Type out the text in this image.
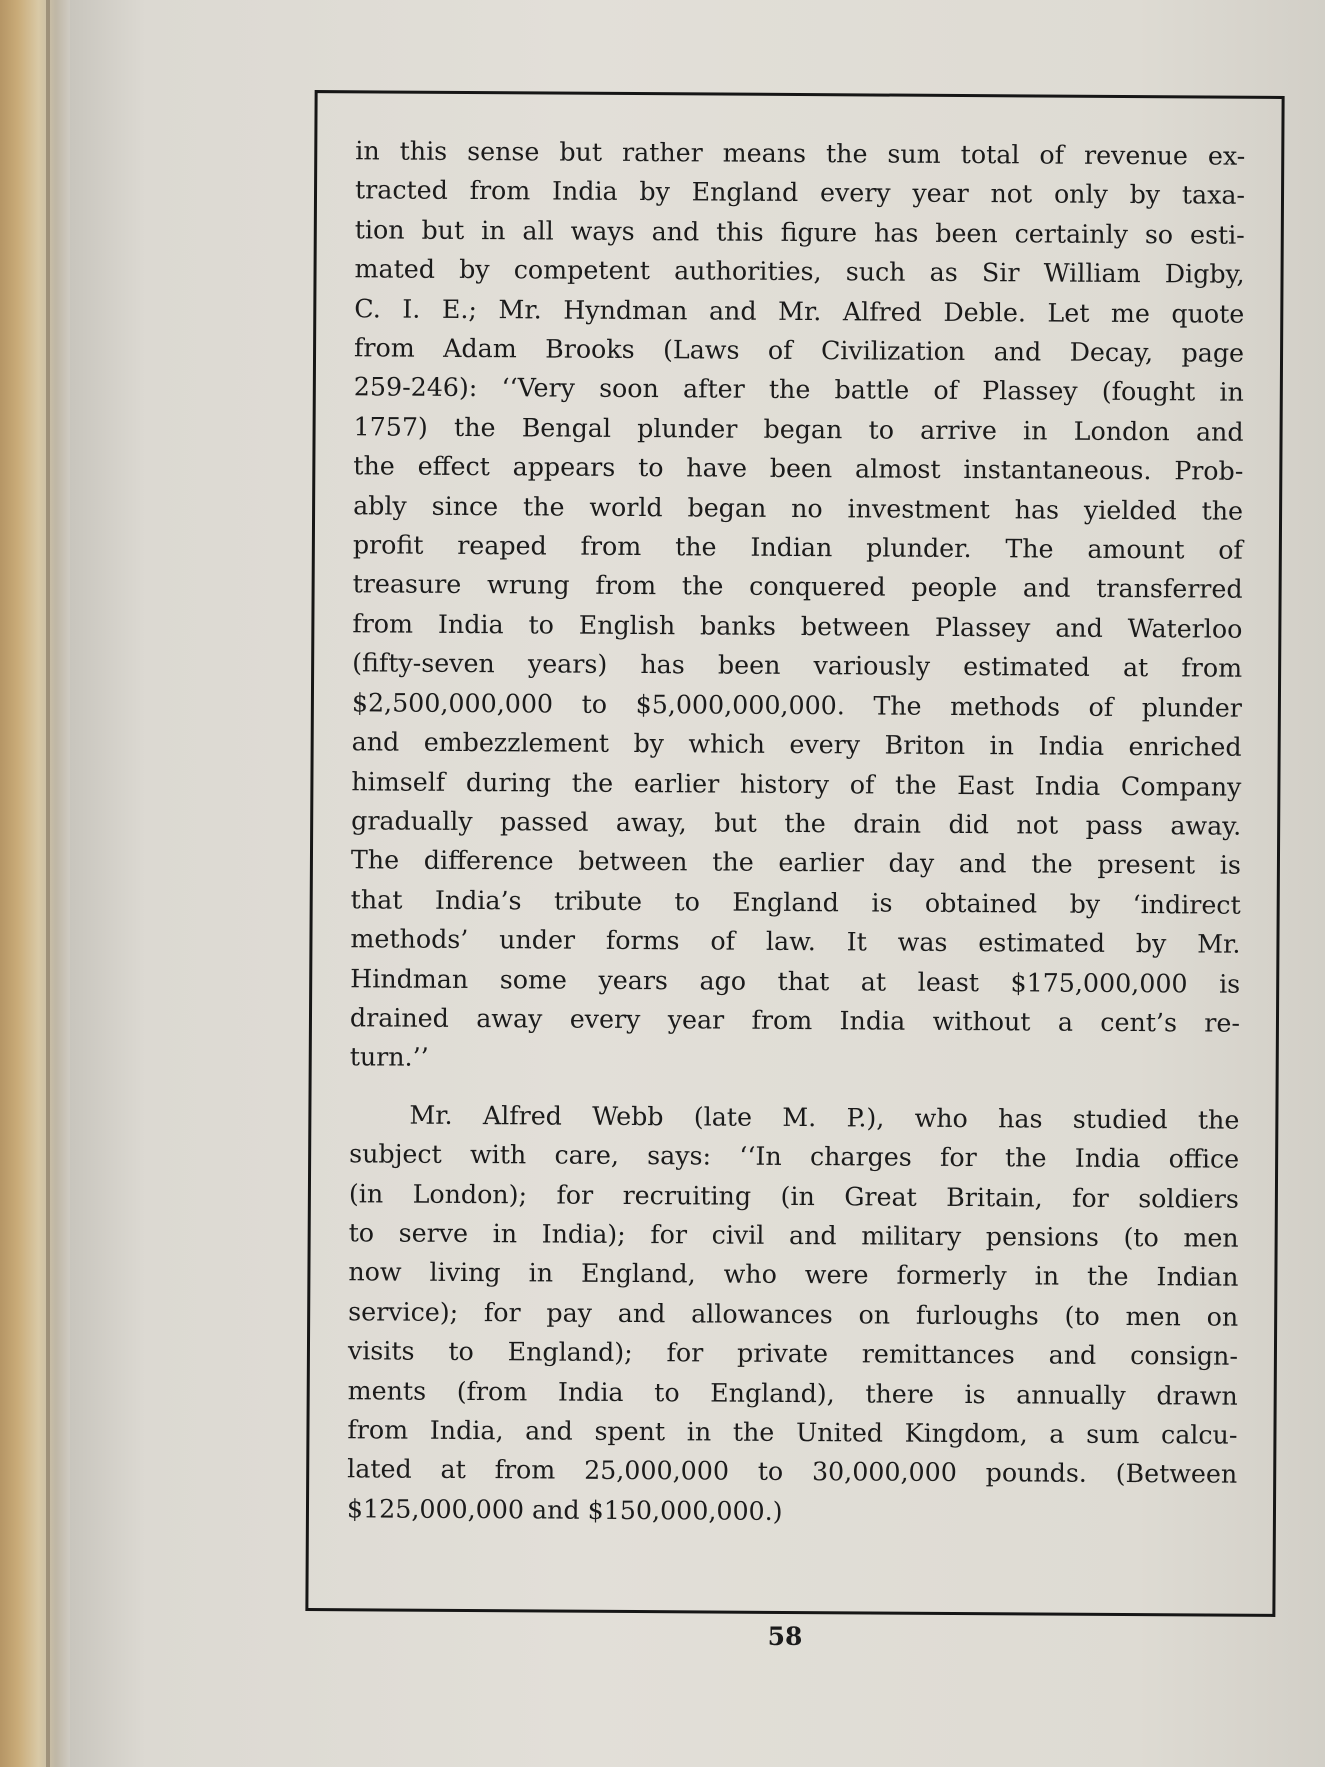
in this sense but rather means the sum total of revenue ex-
tracted from India by England every year not only by taxa-
tion but in all ways and this figure has been certainly so esti-
mated by competent authorities, such as Sir William Digby,
C. I. E.; Mr. Hyndman and Mr. Alfred Deble. Let me quote
from Adam Brooks (Laws of Civilization and Decay, page
259-246): ‘‘Very soon after the battle of Plassey (fought in
1757) the Bengal plunder began to arrive in London and
the effect appears to have been almost instantaneous. Prob-
ably since the world began no investment has yielded the
profit reaped from the Indian plunder. The amount of
treasure wrung from the conquered people and transferred
from India to English banks between Plassey and Waterloo
(fifty-seven years) has been variously estimated at from
$2,500,000,000 to $5,000,000,000. The methods of plunder
and embezzlement by which every Briton in India enriched
himself during the earlier history of the East India Company
gradually passed away, but the drain did not pass away.
The difference between the earlier day and the present is
that India’s tribute to England is obtained by ‘indirect
methods’ under forms of law. It was estimated by Mr.
Hindman some years ago that at least $175,000,000 is
drained away every year from India without a cent’s re-
turn.’’
Mr. Alfred Webb (late M. P.), who has studied the
subject with care, says: ‘‘In charges for the India office
(in London); for recruiting (in Great Britain, for soldiers
to serve in India); for civil and military pensions (to men
now living in England, who were formerly in the Indian
service); for pay and allowances on furloughs (to men on
visits to England); for private remittances and consign-
ments (from India to England), there is annually drawn
from India, and spent in the United Kingdom, a sum calcu-
lated at from 25,000,000 to 30,000,000 pounds. (Between
$125,000,000 and $150,000,000.)
58
